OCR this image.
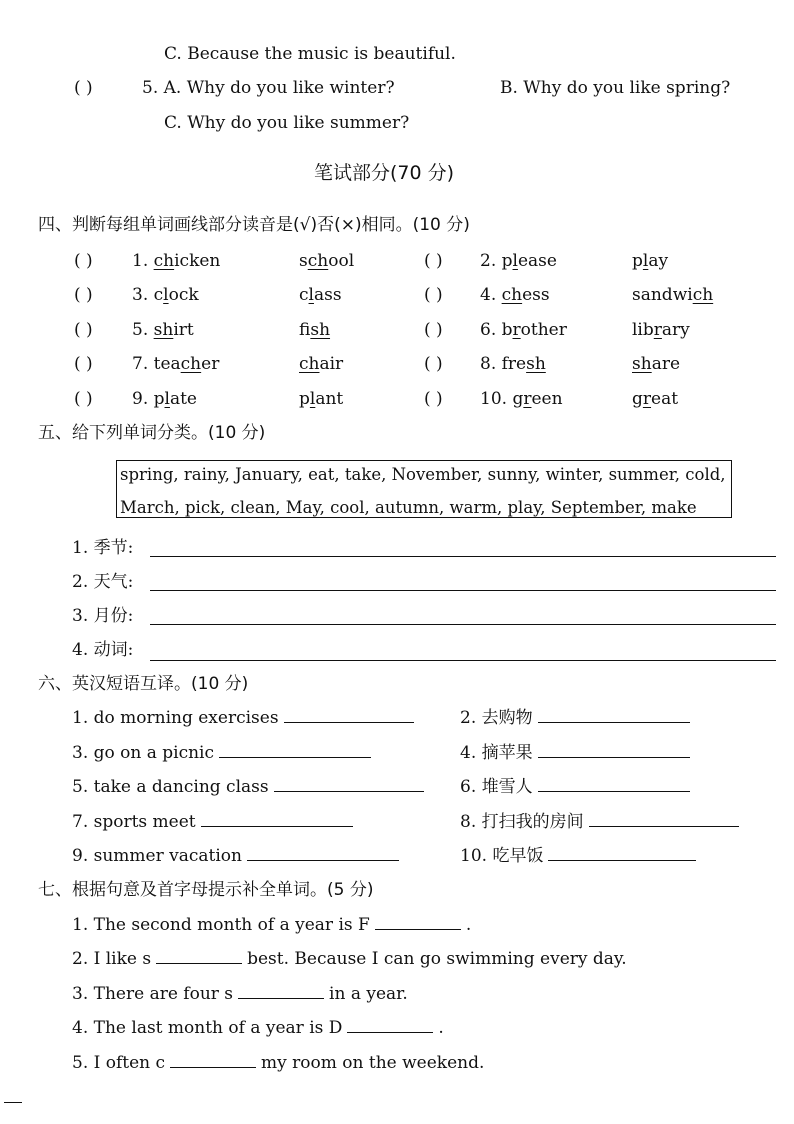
C. Because the music is beautiful.
( )	5. A. Why do you like winter?	B. Why do you like spring?
C. Why do you like summer?
笔试部分(70 分)
四、判断每组单词画线部分读音是(√)否(×)相同。(10 分)
( ) 1. chicken	school	( ) 2. please	play
( ) 3. clock	class	( ) 4. chess	sandwich
( ) 5. shirt	fish	( ) 6. brother	library
( ) 7. teacher	chair	( ) 8. fresh	share
( ) 9. plate	plant	( ) 10. green	great
五、给下列单词分类。(10 分)
spring, rainy, January, eat, take, November, sunny, winter, summer, cold,
March, pick, clean, May, cool, autumn, warm, play, September, make
1. 季节:
2. 天气:
3. 月份:
4. 动词:
六、英汉短语互译。(10 分)
1. do morning exercises	2. 去购物
3. go on a picnic	4. 摘苹果
5. take a dancing class	6. 堆雪人
7. sports meet	8. 打扫我的房间
9. summer vacation	10. 吃早饭
七、根据句意及首字母提示补全单词。(5 分)
1. The second month of a year is F	.
2. I like s	best. Because I can go swimming every day.
3. There are four s	in a year.
4. The last month of a year is D	.
5. I often c	my room on the weekend.
